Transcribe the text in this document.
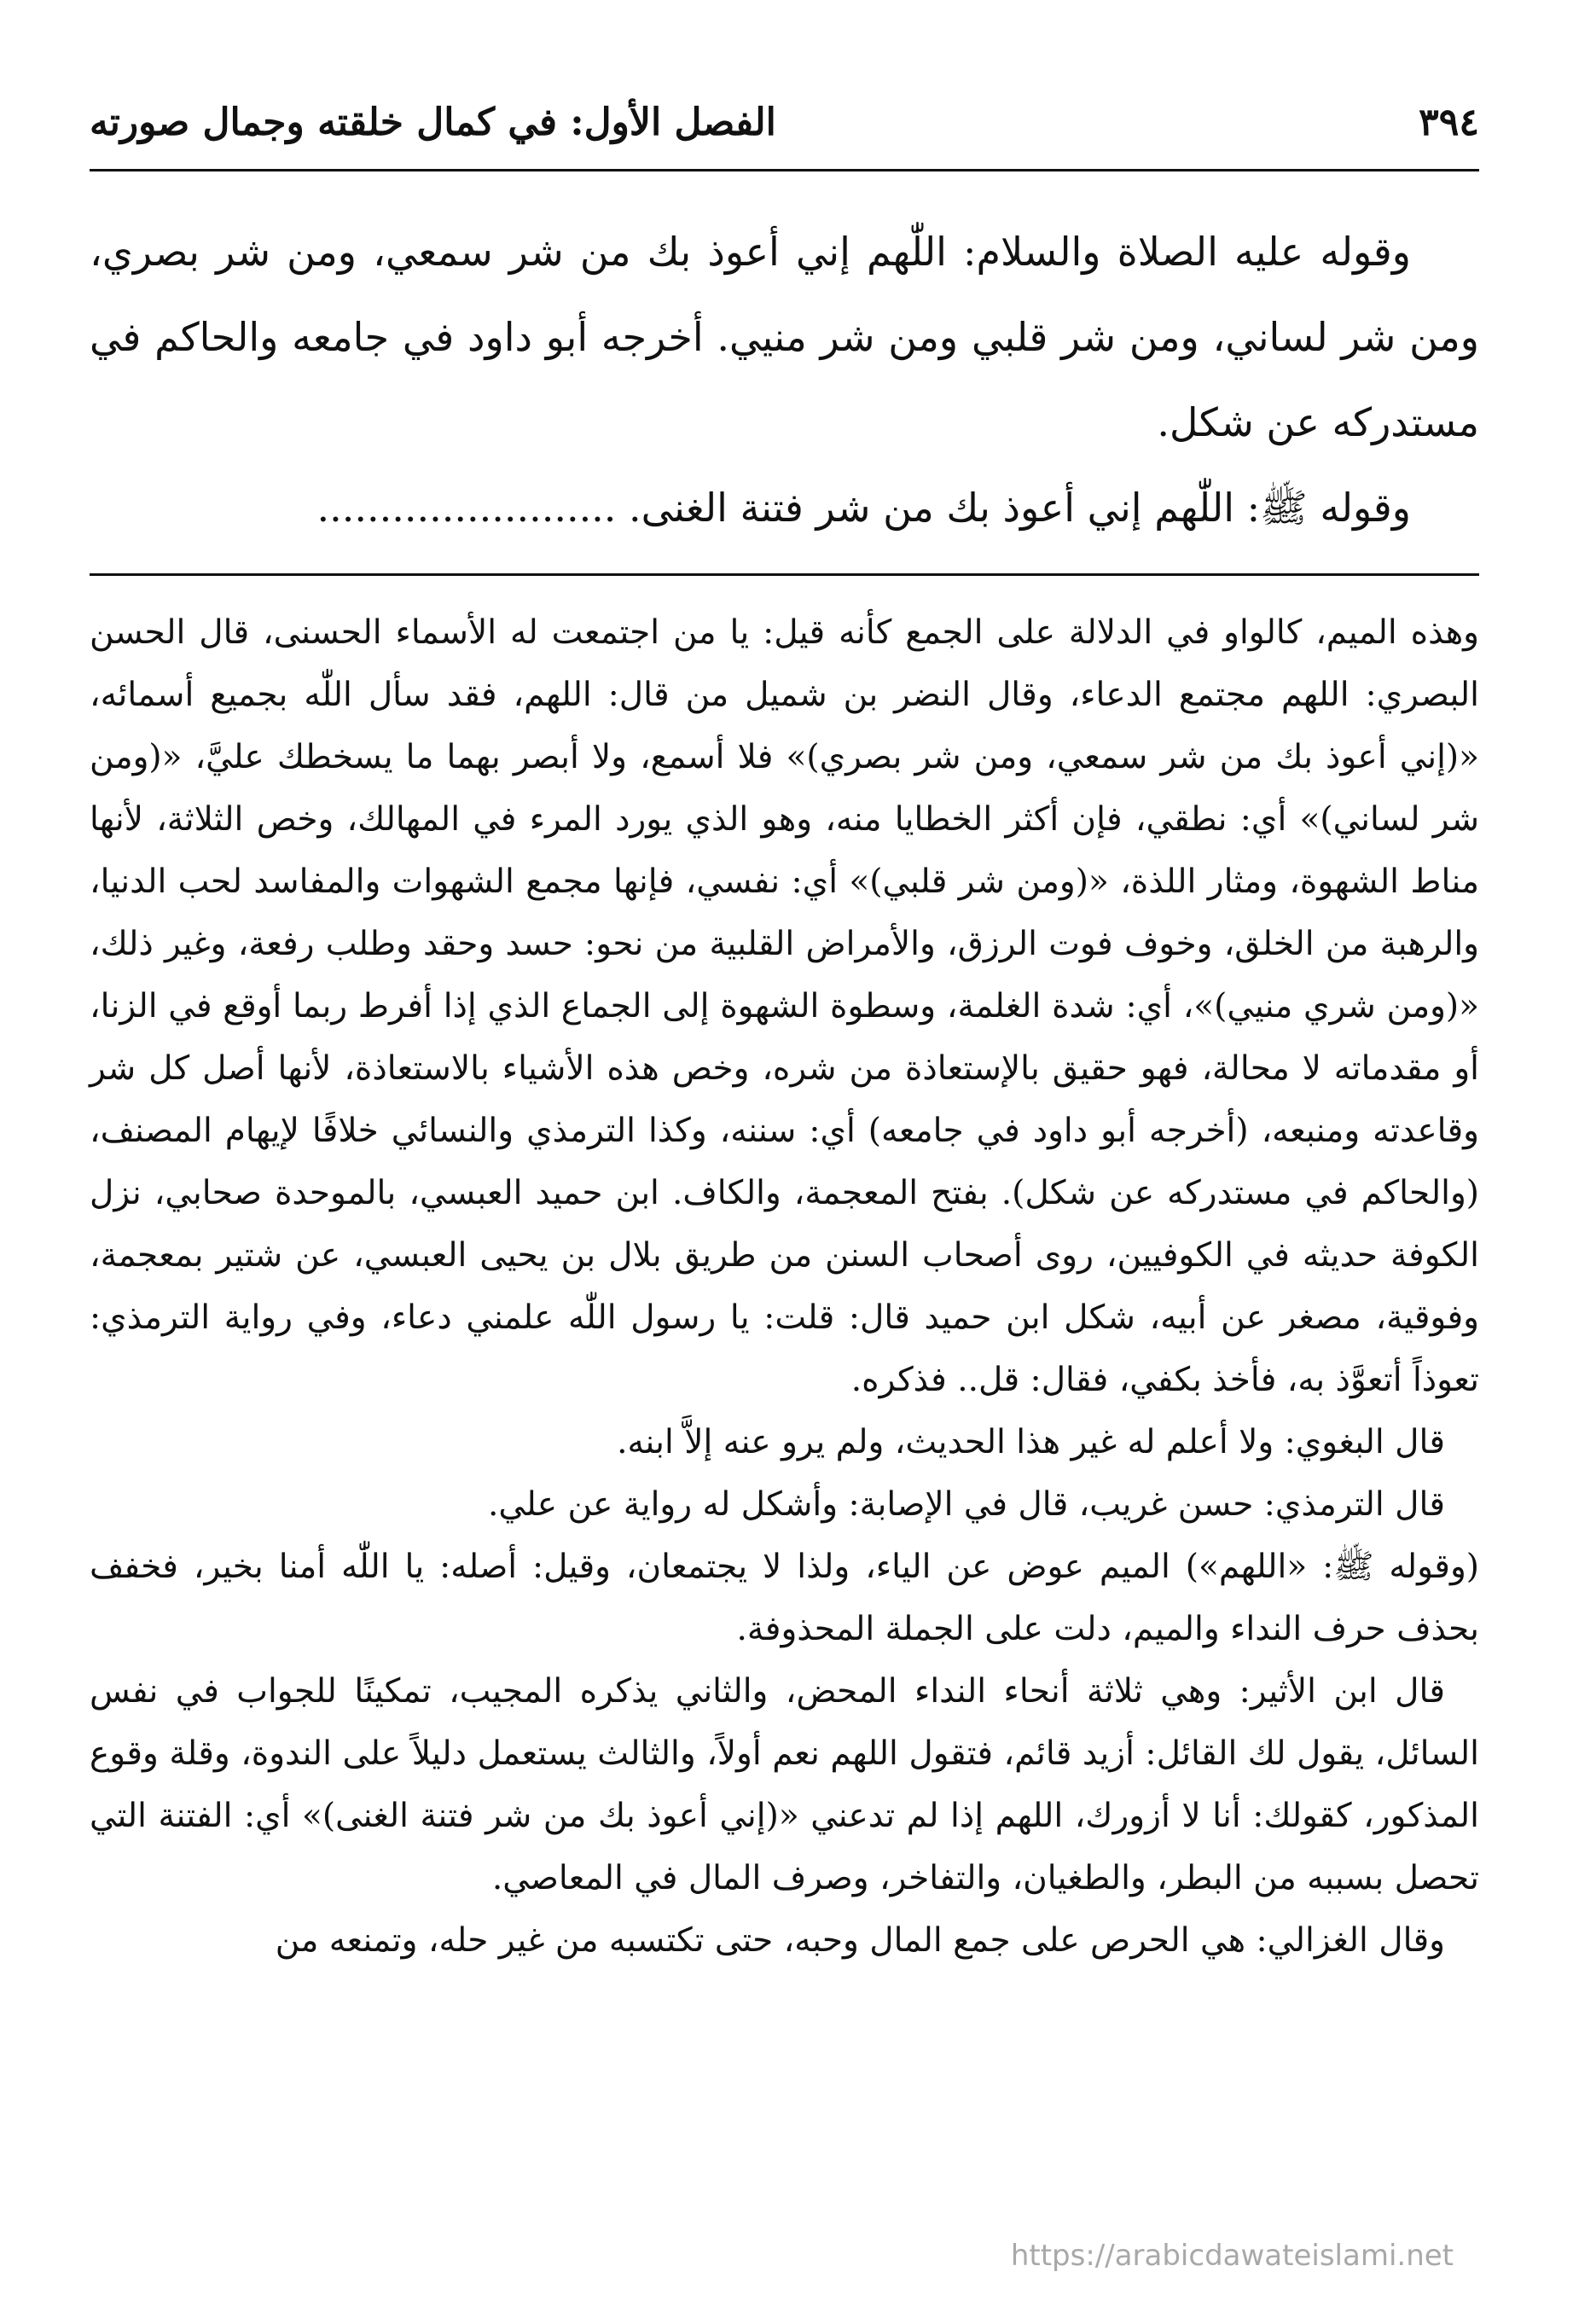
٣٩٤
الفصل الأول: في كمال خلقته وجمال صورته

وقوله عليه الصلاة والسلام: اللّٰهم إني أعوذ بك من شر سمعي، ومن شر بصري، ومن شر لساني، ومن شر قلبي ومن شر منيي. أخرجه أبو داود في جامعه والحاكم في مستدركه عن شكل.

وقوله ﷺ: اللّٰهم إني أعوذ بك من شر فتنة الغنى. ........................

وهذه الميم، كالواو في الدلالة على الجمع كأنه قيل: يا من اجتمعت له الأسماء الحسنى، قال الحسن البصري: اللهم مجتمع الدعاء، وقال النضر بن شميل من قال: اللهم، فقد سأل اللّٰه بجميع أسمائه، «(إني أعوذ بك من شر سمعي، ومن شر بصري)» فلا أسمع، ولا أبصر بهما ما يسخطك عليَّ، «(ومن شر لساني)» أي: نطقي، فإن أكثر الخطايا منه، وهو الذي يورد المرء في المهالك، وخص الثلاثة، لأنها مناط الشهوة، ومثار اللذة، «(ومن شر قلبي)» أي: نفسي، فإنها مجمع الشهوات والمفاسد لحب الدنيا، والرهبة من الخلق، وخوف فوت الرزق، والأمراض القلبية من نحو: حسد وحقد وطلب رفعة، وغير ذلك، «(ومن شري منيي)»، أي: شدة الغلمة، وسطوة الشهوة إلى الجماع الذي إذا أفرط ربما أوقع في الزنا، أو مقدماته لا محالة، فهو حقيق بالإستعاذة من شره، وخص هذه الأشياء بالاستعاذة، لأنها أصل كل شر وقاعدته ومنبعه، (أخرجه أبو داود في جامعه) أي: سننه، وكذا الترمذي والنسائي خلافًا لإيهام المصنف، (والحاكم في مستدركه عن شكل). بفتح المعجمة، والكاف. ابن حميد العبسي، بالموحدة صحابي، نزل الكوفة حديثه في الكوفيين، روى أصحاب السنن من طريق بلال بن يحيى العبسي، عن شتير بمعجمة، وفوقية، مصغر عن أبيه، شكل ابن حميد قال: قلت: يا رسول اللّٰه علمني دعاء، وفي رواية الترمذي: تعوذاً أتعوَّذ به، فأخذ بكفي، فقال: قل.. فذكره.

قال البغوي: ولا أعلم له غير هذا الحديث، ولم يرو عنه إلاَّ ابنه.

قال الترمذي: حسن غريب، قال في الإصابة: وأشكل له رواية عن علي.

(وقوله ﷺ: «اللهم») الميم عوض عن الياء، ولذا لا يجتمعان، وقيل: أصله: يا اللّٰه أمنا بخير، فخفف بحذف حرف النداء والميم، دلت على الجملة المحذوفة.

قال ابن الأثير: وهي ثلاثة أنحاء النداء المحض، والثاني يذكره المجيب، تمكينًا للجواب في نفس السائل، يقول لك القائل: أزيد قائم، فتقول اللهم نعم أولاً، والثالث يستعمل دليلاً على الندوة، وقلة وقوع المذكور، كقولك: أنا لا أزورك، اللهم إذا لم تدعني «(إني أعوذ بك من شر فتنة الغنى)» أي: الفتنة التي تحصل بسببه من البطر، والطغيان، والتفاخر، وصرف المال في المعاصي.

وقال الغزالي: هي الحرص على جمع المال وحبه، حتى تكتسبه من غير حله، وتمنعه من

https://arabicdawateislami.net
